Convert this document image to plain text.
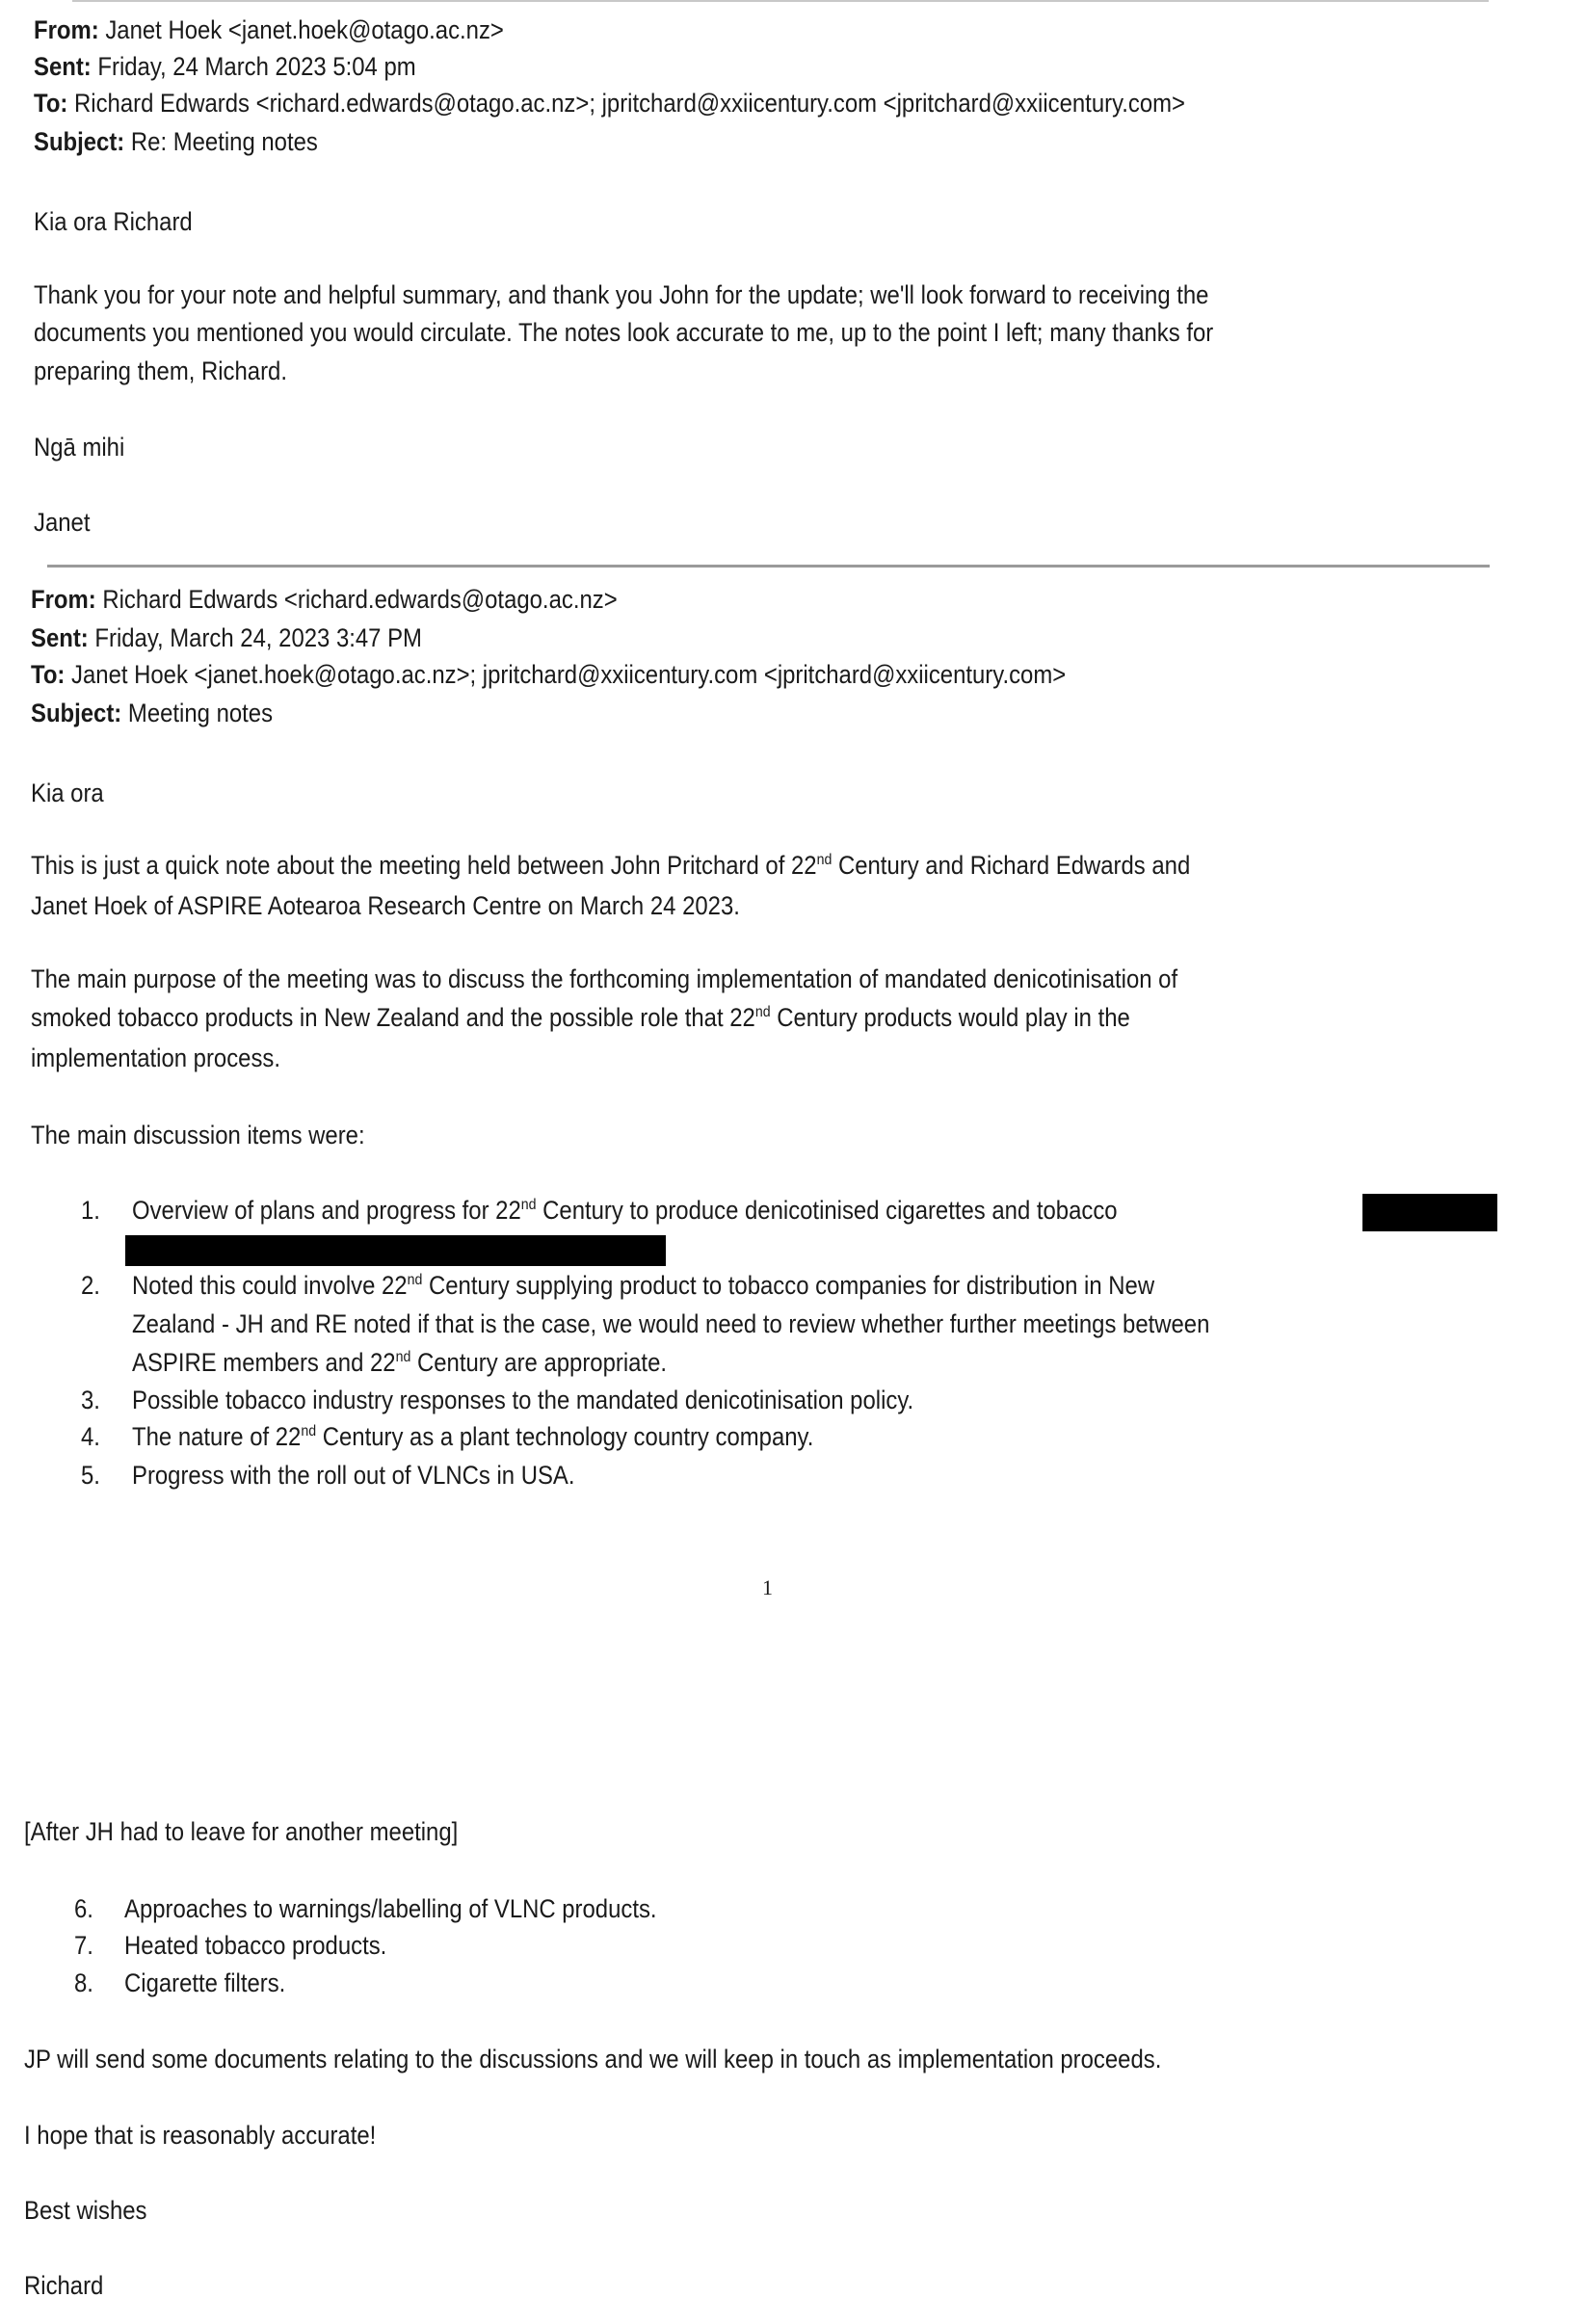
From: Janet Hoek <janet.hoek@otago.ac.nz>
Sent: Friday, 24 March 2023 5:04 pm
To: Richard Edwards <richard.edwards@otago.ac.nz>; jpritchard@xxiicentury.com <jpritchard@xxiicentury.com>
Subject: Re: Meeting notes
Kia ora Richard
Thank you for your note and helpful summary, and thank you John for the update; we'll look forward to receiving the
documents you mentioned you would circulate. The notes look accurate to me, up to the point I left; many thanks for
preparing them, Richard.
Ngā mihi
Janet
From: Richard Edwards <richard.edwards@otago.ac.nz>
Sent: Friday, March 24, 2023 3:47 PM
To: Janet Hoek <janet.hoek@otago.ac.nz>; jpritchard@xxiicentury.com <jpritchard@xxiicentury.com>
Subject: Meeting notes
Kia ora
This is just a quick note about the meeting held between John Pritchard of 22nd Century and Richard Edwards and
Janet Hoek of ASPIRE Aotearoa Research Centre on March 24 2023.
The main purpose of the meeting was to discuss the forthcoming implementation of mandated denicotinisation of
smoked tobacco products in New Zealand and the possible role that 22nd Century products would play in the
implementation process.
The main discussion items were:
1. Overview of plans and progress for 22nd Century to produce denicotinised cigarettes and tobacco
2. Noted this could involve 22nd Century supplying product to tobacco companies for distribution in New
Zealand - JH and RE noted if that is the case, we would need to review whether further meetings between
ASPIRE members and 22nd Century are appropriate.
3. Possible tobacco industry responses to the mandated denicotinisation policy.
4. The nature of 22nd Century as a plant technology country company.
5. Progress with the roll out of VLNCs in USA.
1
[After JH had to leave for another meeting]
6. Approaches to warnings/labelling of VLNC products.
7. Heated tobacco products.
8. Cigarette filters.
JP will send some documents relating to the discussions and we will keep in touch as implementation proceeds.
I hope that is reasonably accurate!
Best wishes
Richard
